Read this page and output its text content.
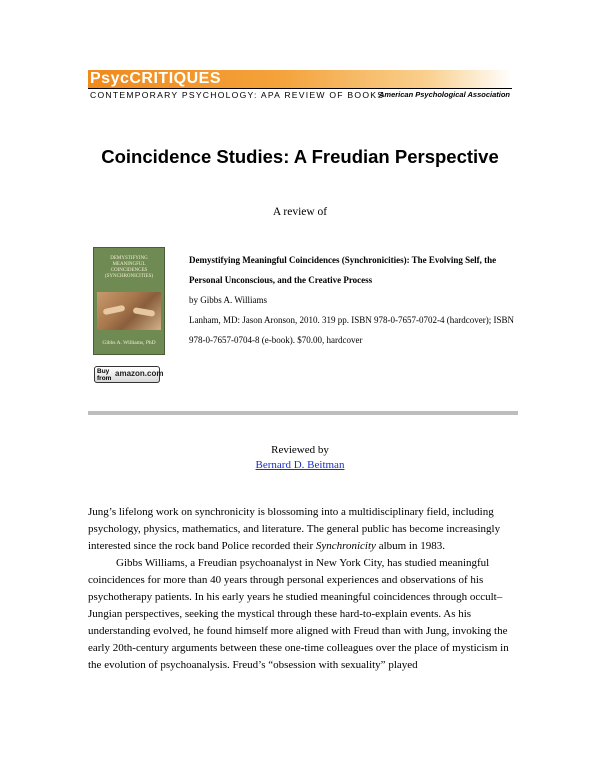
PsycCRITIQUES
CONTEMPORARY PSYCHOLOGY: APA REVIEW OF BOOKS
American Psychological Association
Coincidence Studies: A Freudian Perspective
A review of
DEMYSTIFYING MEANINGFUL COINCIDENCES (SYNCHRONICITIES)
Gibbs A. Williams, PhD
Buy from
amazon.com
Demystifying Meaningful Coincidences (Synchronicities): The Evolving Self, the Personal Unconscious, and the Creative Process
by Gibbs A. Williams
Lanham, MD: Jason Aronson, 2010. 319 pp. ISBN 978-0-7657-0702-4 (hardcover); ISBN 978-0-7657-0704-8 (e-book). $70.00, hardcover
Reviewed by
Bernard D. Beitman

Jung’s lifelong work on synchronicity is blossoming into a multidisciplinary field, including psychology, physics, mathematics, and literature. The general public has become increasingly interested since the rock band Police recorded their Synchronicity album in 1983.

Gibbs Williams, a Freudian psychoanalyst in New York City, has studied meaningful coincidences for more than 40 years through personal experiences and observations of his psychotherapy patients. In his early years he studied meaningful coincidences through occult–Jungian perspectives, seeking the mystical through these hard-to-explain events. As his understanding evolved, he found himself more aligned with Freud than with Jung, invoking the early 20th-century arguments between these one-time colleagues over the place of mysticism in the evolution of psychoanalysis. Freud’s “obsession with sexuality” played
